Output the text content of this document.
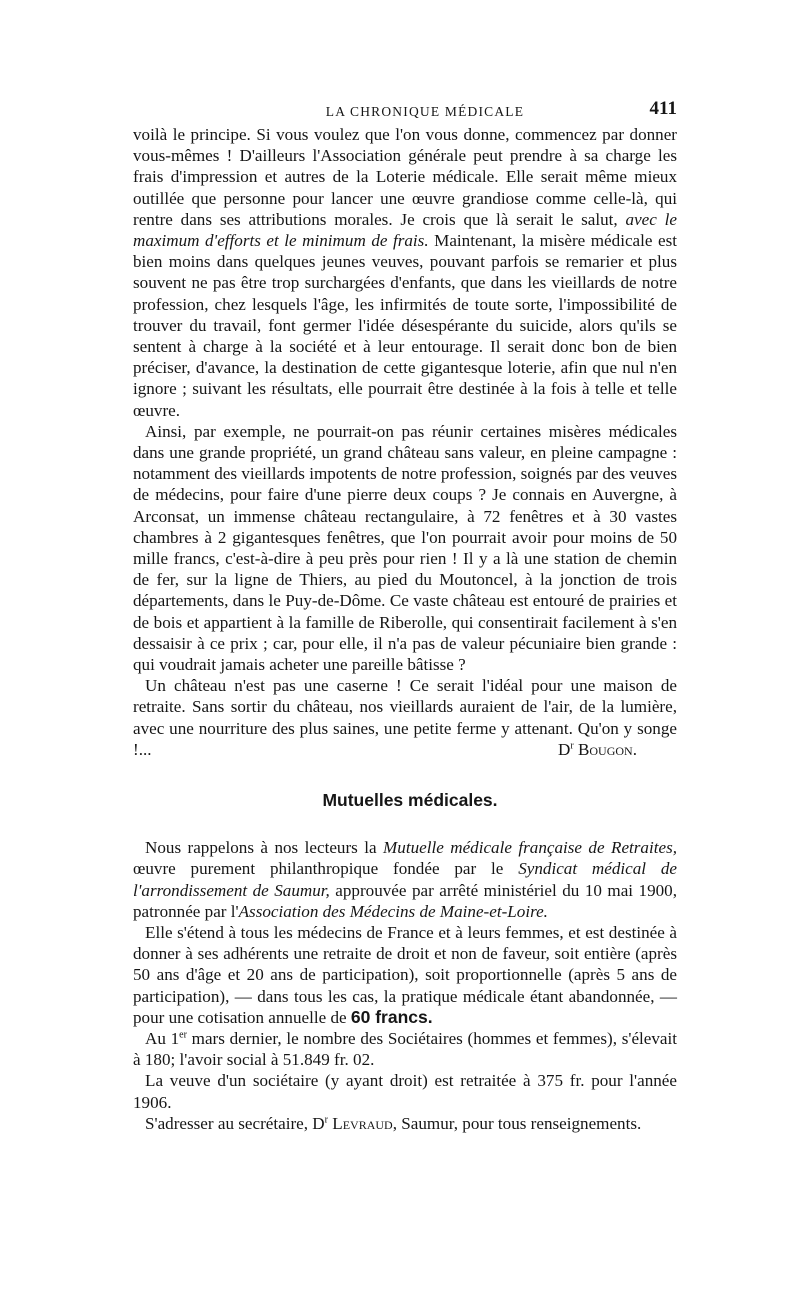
LA CHRONIQUE MÉDICALE	411

voilà le principe. Si vous voulez que l'on vous donne, commencez par donner vous-mêmes ! D'ailleurs l'Association générale peut prendre à sa charge les frais d'impression et autres de la Loterie médicale. Elle serait même mieux outillée que personne pour lancer une œuvre grandiose comme celle-là, qui rentre dans ses attributions morales. Je crois que là serait le salut, avec le maximum d'efforts et le minimum de frais. Maintenant, la misère médicale est bien moins dans quelques jeunes veuves, pouvant parfois se remarier et plus souvent ne pas être trop surchargées d'enfants, que dans les vieillards de notre profession, chez lesquels l'âge, les infirmités de toute sorte, l'impossibilité de trouver du travail, font germer l'idée désespérante du suicide, alors qu'ils se sentent à charge à la société et à leur entourage. Il serait donc bon de bien préciser, d'avance, la destination de cette gigantesque loterie, afin que nul n'en ignore ; suivant les résultats, elle pourrait être destinée à la fois à telle et telle œuvre.

Ainsi, par exemple, ne pourrait-on pas réunir certaines misères médicales dans une grande propriété, un grand château sans valeur, en pleine campagne : notamment des vieillards impotents de notre profession, soignés par des veuves de médecins, pour faire d'une pierre deux coups ? Je connais en Auvergne, à Arconsat, un immense château rectangulaire, à 72 fenêtres et à 30 vastes chambres à 2 gigantesques fenêtres, que l'on pourrait avoir pour moins de 50 mille francs, c'est-à-dire à peu près pour rien ! Il y a là une station de chemin de fer, sur la ligne de Thiers, au pied du Moutoncel, à la jonction de trois départements, dans le Puy-de-Dôme. Ce vaste château est entouré de prairies et de bois et appartient à la famille de Riberolle, qui consentirait facilement à s'en dessaisir à ce prix ; car, pour elle, il n'a pas de valeur pécuniaire bien grande : qui voudrait jamais acheter une pareille bâtisse ?

Un château n'est pas une caserne ! Ce serait l'idéal pour une maison de retraite. Sans sortir du château, nos vieillards auraient de l'air, de la lumière, avec une nourriture des plus saines, une petite ferme y attenant. Qu'on y songe !...	$D^r$ Bougon.

Mutuelles médicales.

Nous rappelons à nos lecteurs la Mutuelle médicale française de Retraites, œuvre purement philanthropique fondée par le Syndicat médical de l'arrondissement de Saumur, approuvée par arrêté ministériel du 10 mai 1900, patronnée par l'Association des Médecins de Maine-et-Loire.

Elle s'étend à tous les médecins de France et à leurs femmes, et est destinée à donner à ses adhérents une retraite de droit et non de faveur, soit entière (après 50 ans d'âge et 20 ans de participation), soit proportionnelle (après 5 ans de participation), — dans tous les cas, la pratique médicale étant abandonnée, — pour une cotisation annuelle de 60 francs.

Au 1er mars dernier, le nombre des Sociétaires (hommes et femmes), s'élevait à 180; l'avoir social à 51.849 fr. 02.

La veuve d'un sociétaire (y ayant droit) est retraitée à 375 fr. pour l'année 1906.

S'adresser au secrétaire, $D^r$ Levraud, Saumur, pour tous renseignements.
